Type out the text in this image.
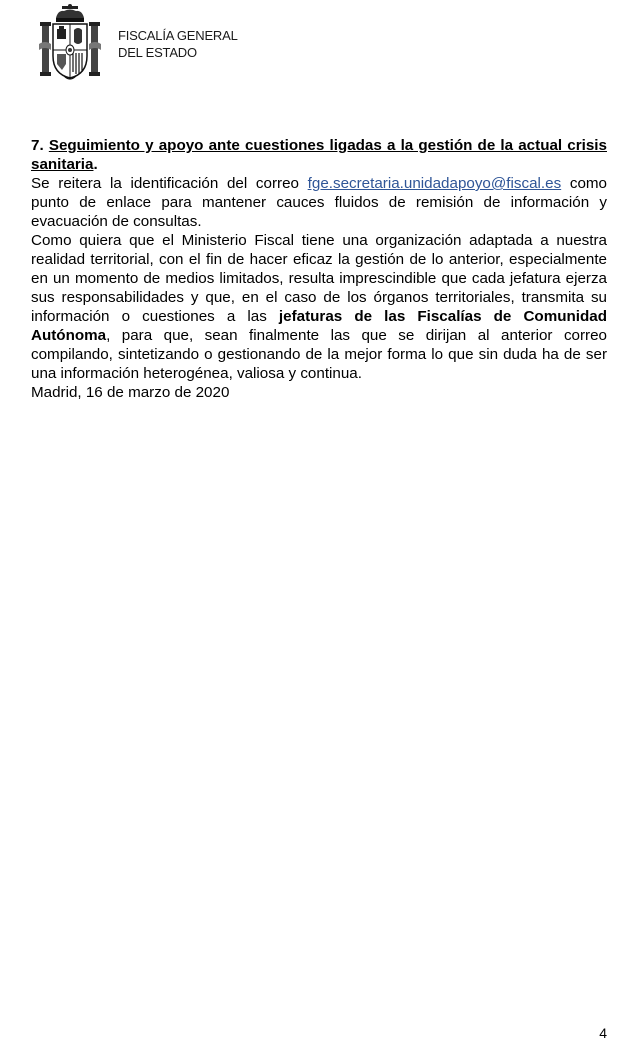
FISCALÍA GENERAL
DEL ESTADO

7. Seguimiento y apoyo ante cuestiones ligadas a la gestión de la actual crisis sanitaria.

Se reitera la identificación del correo fge.secretaria.unidadapoyo@fiscal.es como punto de enlace para mantener cauces fluidos de remisión de información y evacuación de consultas.

Como quiera que el Ministerio Fiscal tiene una organización adaptada a nuestra realidad territorial, con el fin de hacer eficaz la gestión de lo anterior, especialmente en un momento de medios limitados, resulta imprescindible que cada jefatura ejerza sus responsabilidades y que, en el caso de los órganos territoriales, transmita su información o cuestiones a las jefaturas de las Fiscalías de Comunidad Autónoma, para que, sean finalmente las que se dirijan al anterior correo compilando, sintetizando o gestionando de la mejor forma lo que sin duda ha de ser una información heterogénea, valiosa y continua.

Madrid, 16 de marzo de 2020

4
